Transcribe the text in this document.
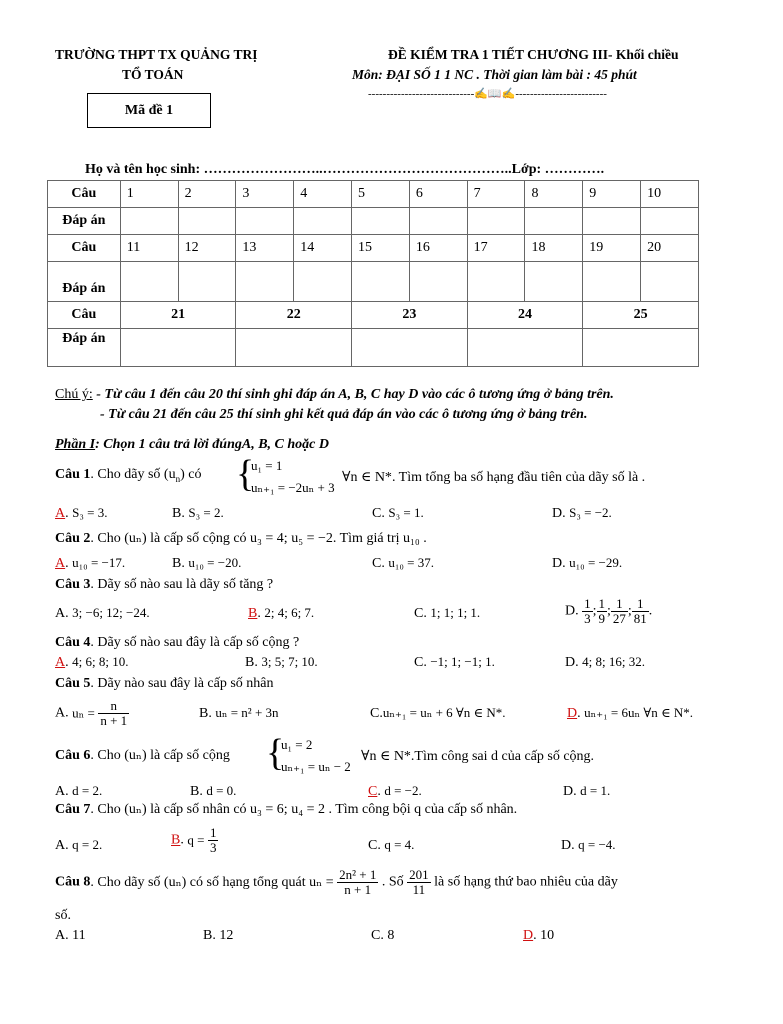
TRƯỜNG THPT TX QUẢNG TRỊ
TỔ TOÁN
ĐỀ KIỂM TRA 1 TIẾT CHƯƠNG III- Khối chiều
Môn: ĐẠI SỐ 1 1 NC . Thời gian làm bài : 45 phút
-----------------------------✍📖✍-------------------------
Mã đề 1
Họ và tên học sinh: ……………………..…………………………………..Lớp: ………….
Câu	1	2	3	4	5	6	7	8	9	10
Đáp án										
Câu	11	12	13	14	15	16	17	18	19	20
Đáp án										
Câu	21		22		23		24		25	
Đáp án										
Chú ý: - Từ câu 1 đến câu 20 thí sinh ghi đáp án A, B, C hay D vào các ô tương ứng ở bảng trên.
- Từ câu 21 đến câu 25 thí sinh ghi kết quả đáp án vào các ô tương ứng ở bảng trên.
Phần I: Chọn 1 câu trả lời đúngA, B, C hoặc D
Câu 1. Cho dãy số $(u_n)$ có {
u₁ = 1
uₙ₊₁ = −2uₙ + 3
∀n ∈ N*. Tìm tổng ba số hạng đầu tiên của dãy số là .
A. S₃ = 3.	B. S₃ = 2.	C. S₃ = 1.	D. S₃ = −2.
Câu 2. Cho (uₙ) là cấp số cộng có u₃ = 4; u₅ = −2. Tìm giá trị u₁₀ .
A. u₁₀ = −17.	B. u₁₀ = −20.	C. u₁₀ = 37.	D. u₁₀ = −29.
Câu 3. Dãy số nào sau là dãy số tăng ?
A. 3; −6; 12; −24.	B. 2; 4; 6; 7.	C. 1; 1; 1; 1.	D. $\frac{1}{3}$ ; $\frac{1}{9}$ ; $\frac{1}{27}$ ; $\frac{1}{81}$ .
Câu 4. Dãy số nào sau đây là cấp số cộng ?
A. 4; 6; 8; 10.	B. 3; 5; 7; 10.	C. −1; 1; −1; 1.	D. 4; 8; 16; 32.
Câu 5. Dãy nào sau đây là cấp số nhân
A. $u_n = \frac{n}{n + 1}$	B. uₙ = n² + 3n	C.uₙ₊₁ = uₙ + 6 ∀n ∈ N*.	D. uₙ₊₁ = 6uₙ ∀n ∈ N*.
Câu 6. Cho (uₙ) là cấp số cộng {
u₁ = 2
uₙ₊₁ = uₙ − 2
∀n ∈ N*.Tìm công sai d của cấp số cộng.
A. d = 2.	B. d = 0.	C. d = −2.	D. d = 1.
Câu 7. Cho (uₙ) là cấp số nhân có u₃ = 6; u₄ = 2 . Tìm công bội q của cấp số nhân.
A. q = 2.	B. $q = \frac{1}{3}$	C. q = 4.	D. q = −4.
Câu 8. Cho dãy số (uₙ) có số hạng tổng quát $u_n = \frac{\text{2n² + 1}}{n + 1}$ . Số $\frac{201}{11}$ là số hạng thứ bao nhiêu của dãy
số.
A. 11	B. 12	C. 8	D. 10
